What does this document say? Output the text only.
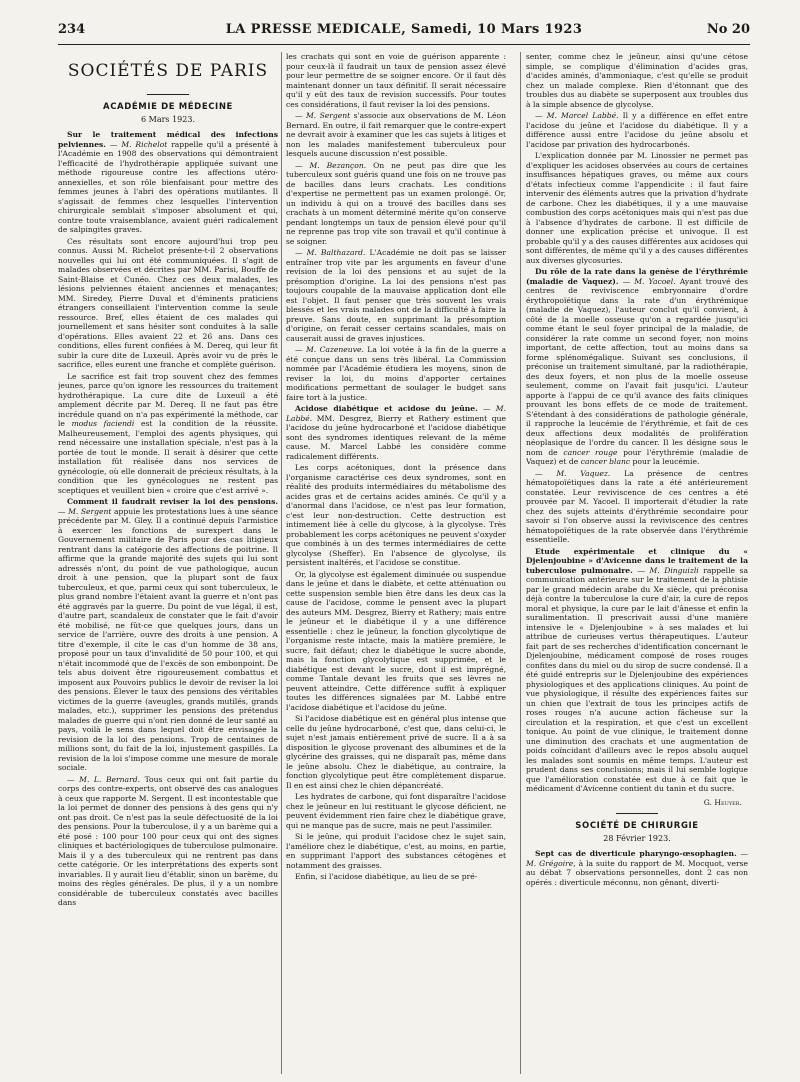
234	LA PRESSE MEDICALE, Samedi, 10 Mars 1923	No 20
SOCIÉTÉS DE PARIS
ACADÉMIE DE MÉDECINE
6 Mars 1923.

Sur le traitement médical des infections pelviennes. — M. Richelot rappelle qu'il a présenté à l'Académie en 1908 des observations qui démontraient l'efficacité de l'hydrothérapie appliquée suivant une méthode rigoureuse contre les affections utéro-annexielles, et son rôle bienfaisant pour mettre des femmes jeunes à l'abri des opérations mutilantes. Il s'agissait de femmes chez lesquelles l'intervention chirurgicale semblait s'imposer absolument et qui, contre toute vraisemblance, avaient guéri radicalement de salpingites graves.

Ces résultats sont encore aujourd'hui trop peu connus. Aussi M. Richelot présente-t-il 2 observations nouvelles qui lui ont été communiquées. Il s'agit de malades observées et décrites par MM. Parisi, Bouffe de Saint-Blaise et Cunéo. Chez ces deux malades, les lésions pelviennes étaient anciennes et menaçantes; MM. Siredey, Pierre Duval et d'éminents praticiens étrangers conseillaient l'intervention comme la seule ressource. Bref, elles étaient de ces malades qui journellement et sans hésiter sont conduites à la salle d'opérations. Elles avaient 22 et 26 ans. Dans ces conditions, elles furent confiées à M. Dereq, qui leur fit subir la cure dite de Luxeuil. Après avoir vu de près le sacrifice, elles eurent une franche et complète guérison.

Le sacrifice est fait trop souvent chez des femmes jeunes, parce qu'on ignore les ressources du traitement hydrothérapique. La cure dite de Luxeuil a été amplement décrite par M. Dereq. Il ne faut pas être incrédule quand on n'a pas expérimenté la méthode, car le modus faciendi est la condition de la réussite. Malheureusement, l'emploi des agents physiques, qui rend nécessaire une installation spéciale, n'est pas à la portée de tout le monde. Il serait à désirer que cette installation fût réalisée dans nos services de gynécologie, où elle donnerait de précieux résultats, à la condition que les gynécologues ne restent pas sceptiques et veuillent bien « croire que c'est arrivé ».

Comment il faudrait reviser la loi des pensions. — M. Sergent appuie les protestations lues à une séance précédente par M. Gley. Il a continué depuis l'armistice à exercer les fonctions de surexpert dans le Gouvernement militaire de Paris pour des cas litigieux rentrant dans la catégorie des affections de poitrine. Il affirme que la grande majorité des sujets qui lui sont adressés n'ont, du point de vue pathologique, aucun droit à une pension, que la plupart sont de faux tuberculeux, et que, parmi ceux qui sont tuberculeux, le plus grand nombre l'étaient avant la guerre et n'ont pas été aggravés par la guerre. Du point de vue légal, il est, d'autre part, scandaleux de constater que le fait d'avoir été mobilisé, ne fût-ce que quelques jours, dans un service de l'arrière, ouvre des droits à une pension. A titre d'exemple, il cite le cas d'un homme de 38 ans, proposé pour un taux d'invalidité de 50 pour 100, et qui n'était incommodé que de l'excès de son embonpoint. De tels abus doivent être rigoureusement combattus et imposent aux Pouvoirs publics le devoir de reviser la loi des pensions. Élever le taux des pensions des véritables victimes de la guerre (aveugles, grands mutilés, grands malades, etc.), supprimer les pensions des prétendus malades de guerre qui n'ont rien donné de leur santé au pays, voilà le sens dans lequel doit être envisagée la revision de la loi des pensions. Trop de centaines de millions sont, du fait de la loi, injustement gaspillés. La revision de la loi s'impose comme une mesure de morale sociale.

— M. L. Bernard. Tous ceux qui ont fait partie du corps des contre-experts, ont observé des cas analogues à ceux que rapporte M. Sergent. Il est incontestable que la loi permet de donner des pensions à des gens qui n'y ont pas droit. Ce n'est pas la seule défectuosité de la loi des pensions. Pour la tuberculose, il y a un barème qui a été posé : 100 pour 100 pour ceux qui ont des signes cliniques et bactériologiques de tuberculose pulmonaire. Mais il y a des tuberculeux qui ne rentrent pas dans cette catégorie. Or les interprétations des experts sont invariables. Il y aurait lieu d'établir, sinon un barème, du moins des règles générales. De plus, il y a un nombre considérable de tuberculeux constatés avec bacilles dans

les crachats qui sont en voie de guérison apparente : pour ceux-là il faudrait un taux de pension assez élevé pour leur permettre de se soigner encore. Or il faut dès maintenant donner un taux définitif. Il serait nécessaire qu'il y eût des taux de revision successifs. Pour toutes ces considérations, il faut reviser la loi des pensions.

— M. Sergent s'associe aux observations de M. Léon Bernard. En outre, il fait remarquer que le contre-expert ne devrait avoir à examiner que les cas sujets à litiges et non les malades manifestement tuberculeux pour lesquels aucune discussion n'est possible.

— M. Bezançon. On ne peut pas dire que les tuberculeux sont guéris quand une fois on ne trouve pas de bacilles dans leurs crachats. Les conditions d'expertise ne permettent pas un examen prolongé. Or, un individu à qui on a trouvé des bacilles dans ses crachats à un moment déterminé mérite qu'on conserve pendant longtemps un taux de pension élevé pour qu'il ne reprenne pas trop vite son travail et qu'il continue à se soigner.

— M. Balthazard. L'Académie ne doit pas se laisser entraîner trop vite par les arguments en faveur d'une revision de la loi des pensions et au sujet de la présomption d'origine. La loi des pensions n'est pas toujours coupable de la mauvaise application dont elle est l'objet. Il faut penser que très souvent les vrais blessés et les vrais malades ont de la difficulté à faire la preuve. Sans doute, en supprimant la présomption d'origine, on ferait cesser certains scandales, mais on causerait aussi de graves injustices.

— M. Cazeneuve. La loi votée à la fin de la guerre a été conçue dans un sens très libéral. La Commission nommée par l'Académie étudiera les moyens, sinon de reviser la loi, du moins d'apporter certaines modifications permettant de soulager le budget sans faire tort à la justice.

Acidose diabétique et acidose du jeûne. — M. Labbé. MM. Desgrez, Bierry et Rathery estiment que l'acidose du jeûne hydrocarboné et l'acidose diabétique sont des syndromes identiques relevant de la même cause. M. Marcel Labbé les considère comme radicalement différents.

Les corps acétoniques, dont la présence dans l'organisme caractérise ces deux syndromes, sont en réalité des produits intermédiaires du métabolisme des acides gras et de certains acides aminés. Ce qu'il y a d'anormal dans l'acidose, ce n'est pas leur formation, c'est leur non-destruction. Cette destruction est intimement liée à celle du glycose, à la glycolyse. Très probablement les corps acétoniques ne peuvent s'oxyder que combinés à un des termes intermédiaires de cette glycolyse (Sheffer). En l'absence de glycolyse, ils persistent inaltérés, et l'acidose se constitue.

Or, la glycolyse est également diminuée ou suspendue dans le jeûne et dans le diabète, et cette atténuation ou cette suspension semble bien être dans les deux cas la cause de l'acidose, comme le pensent avec la plupart des auteurs MM. Desgrez, Bierry et Rathery; mais entre le jeûneur et le diabétique il y a une différence essentielle : chez le jeûneur, la fonction glycolytique de l'organisme reste intacte, mais la matière première, le sucre, fait défaut; chez le diabétique le sucre abonde, mais la fonction glycolytique est supprimée, et le diabétique est devant le sucre, dont il est imprégné, comme Tantale devant les fruits que ses lèvres ne peuvent atteindre. Cette différence suffit à expliquer toutes les différences signalées par M. Labbé entre l'acidose diabétique et l'acidose du jeûne.

Si l'acidose diabétique est en général plus intense que celle du jeûne hydrocarboné, c'est que, dans celui-ci, le sujet n'est jamais entièrement privé de sucre. Il a à sa disposition le glycose provenant des albumines et de la glycérine des graisses, qui ne disparaît pas, même dans le jeûne absolu. Chez le diabétique, au contraire, la fonction glycolytique peut être complètement disparue. Il en est ainsi chez le chien dépancréaté.

Les hydrates de carbone, qui font disparaître l'acidose chez le jeûneur en lui restituant le glycose déficient, ne peuvent évidemment rien faire chez le diabétique grave, qui ne manque pas de sucre, mais ne peut l'assimiler.

Si le jeûne, qui produit l'acidose chez le sujet sain, l'améliore chez le diabétique, c'est, au moins, en partie, en supprimant l'apport des substances cétogènes et notamment des graisses.

Enfin, si l'acidose diabétique, au lieu de se pré-

senter, comme chez le jeûneur, ainsi qu'une cétose simple, se complique d'élimination d'acides gras, d'acides aminés, d'ammoniaque, c'est qu'elle se produit chez un malade complexe. Rien d'étonnant que des troubles dus au diabète se superposent aux troubles dus à la simple absence de glycolyse.

— M. Marcel Labbé. Il y a différence en effet entre l'acidose du jeûne et l'acidose du diabétique. Il y a différence aussi entre l'acidose du jeûne absolu et l'acidose par privation des hydrocarbonés.

L'explication donnée par M. Linossier ne permet pas d'expliquer les acidoses observées au cours de certaines insuffisances hépatiques graves, ou même aux cours d'états infectieux comme l'appendicite : il faut faire intervenir des éléments autres que la privation d'hydrate de carbone. Chez les diabétiques, il y a une mauvaise combustion des corps acétoniques mais qui n'est pas due à l'absence d'hydrates de carbone. Il est difficile de donner une explication précise et univoque. Il est probable qu'il y a des causes différentes aux acidoses qui sont différentes, de même qu'il y a des causes différentes aux diverses glycosuries.

Du rôle de la rate dans la genèse de l'érythrémie (maladie de Vaquez). — M. Yacoel. Ayant trouvé des centres de reviviscence embryonnaire d'ordre érythropoïétique dans la rate d'un érythrémique (maladie de Vaquez), l'auteur conclut qu'il convient, à côté de la moelle osseuse qu'on a regardée jusqu'ici comme étant le seul foyer principal de la maladie, de considérer la rate comme un second foyer, non moins important, de cette affection, tout au moins dans sa forme splénomégalique. Suivant ses conclusions, il préconise un traitement simultané, par la radiothérapie, des deux foyers, et non plus de la moelle osseuse seulement, comme on l'avait fait jusqu'ici. L'auteur apporte à l'appui de ce qu'il avance des faits cliniques prouvant les bons effets de ce mode de traitement. S'étendant à des considérations de pathologie générale, il rapproche la leucémie de l'érythrémie, et fait de ces deux affections deux modalités de prolifération néoplasique de l'ordre du cancer. Il les désigne sous le nom de cancer rouge pour l'érythrémie (maladie de Vaquez) et de cancer blanc pour la leucémie.

— M. Vaquez. La présence de centres hématopoïétiques dans la rate a été antérieurement constatée. Leur reviviscence de ces centres a été prouvée par M. Yacoel. Il importerait d'étudier la rate chez des sujets atteints d'érythrémie secondaire pour savoir si l'on observe aussi la reviviscence des centres hématopoïétiques de la rate observée dans l'érythrémie essentielle.

Etude expérimentale et clinique du « Djelenjoubine » d'Avicenne dans le traitement de la tuberculose pulmonaire. — M. Dinguizli rappelle sa communication antérieure sur le traitement de la phtisie par le grand médecin arabe du Xe siècle, qui préconisa déjà contre la tuberculose la cure d'air, la cure de repos moral et physique, la cure par le lait d'ânesse et enfin la suralimentation. Il prescrivait aussi d'une manière intensive le « Djelenjoubine » à ses malades et lui attribue de curieuses vertus thérapeutiques. L'auteur fait part de ses recherches d'identification concernant le Djelenjoubine, médicament composé de roses rouges confites dans du miel ou du sirop de sucre condensé. Il a été guidé entrepris sur le Djelenjoubine des expériences physiologiques et des applications cliniques. Au point de vue physiologique, il résulte des expériences faites sur un chien que l'extrait de tous les principes actifs de roses rouges n'a aucune action fâcheuse sur la circulation et la respiration, et que c'est un excellent tonique. Au point de vue clinique, le traitement donne une diminution des crachats et une augmentation de poids coïncidant d'ailleurs avec le repos absolu auquel les malades sont soumis en même temps. L'auteur est prudent dans ses conclusions; mais il lui semble logique que l'amélioration constatée est due à ce fait que le médicament d'Avicenne contient du tanin et du sucre.

G. Heuyer.
SOCIÉTÉ DE CHIRURGIE
28 Février 1923.

Sept cas de diverticule pharyngo-œsophagien. — M. Grégoire, à la suite du rapport de M. Mocquot, verse au débat 7 observations personnelles, dont 2 cas non opérés : diverticule méconnu, non gênant, diverti-
